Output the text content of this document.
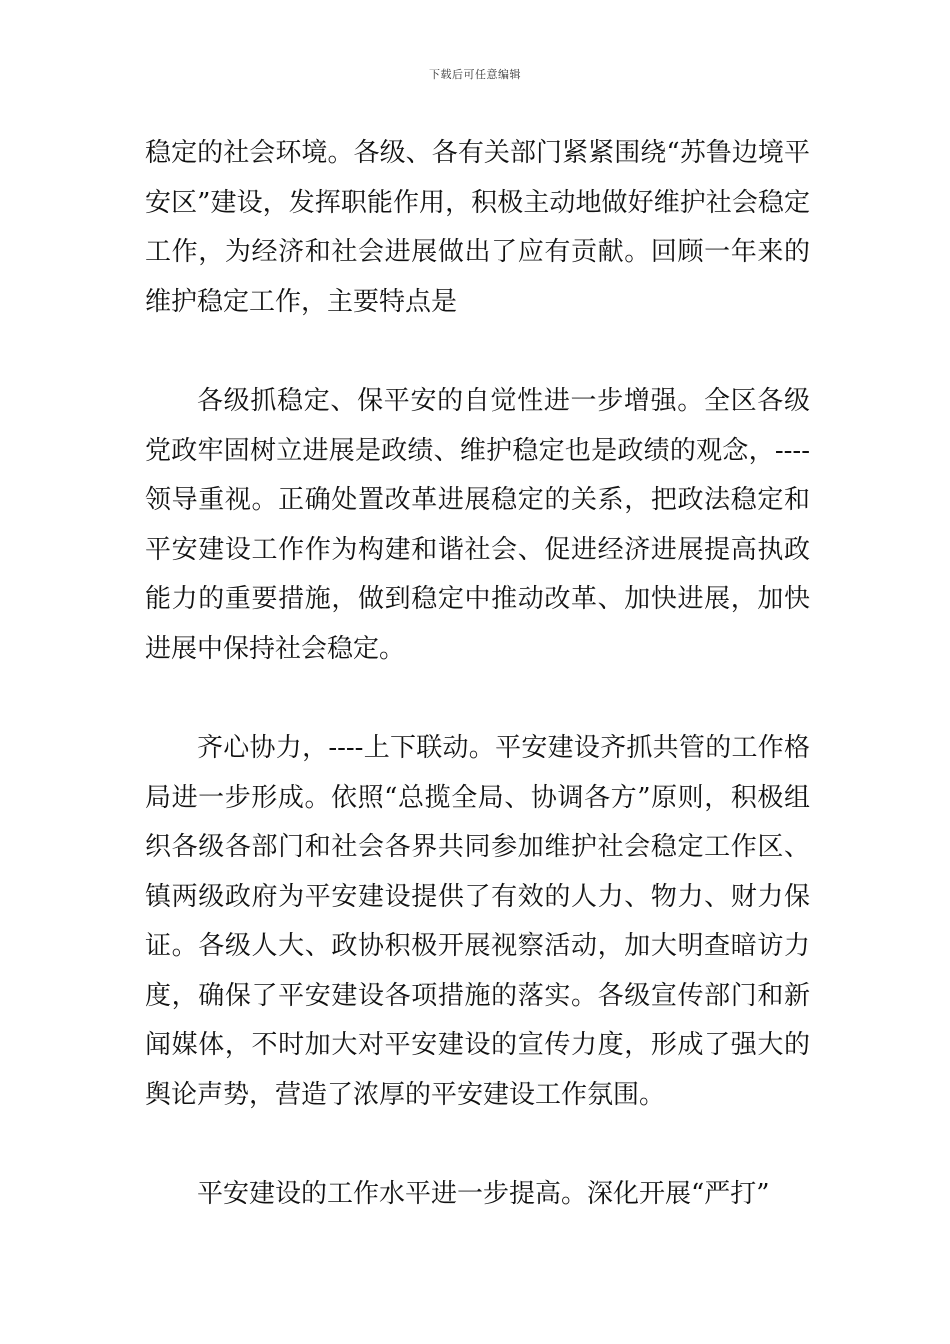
下载后可任意编辑

稳定的社会环境。各级、各有关部门紧紧围绕“苏鲁边境平安区”建设，发挥职能作用，积极主动地做好维护社会稳定工作，为经济和社会进展做出了应有贡献。回顾一年来的维护稳定工作，主要特点是

各级抓稳定、保平安的自觉性进一步增强。全区各级党政牢固树立进展是政绩、维护稳定也是政绩的观念，----领导重视。正确处置改革进展稳定的关系，把政法稳定和平安建设工作作为构建和谐社会、促进经济进展提高执政能力的重要措施，做到稳定中推动改革、加快进展，加快进展中保持社会稳定。

齐心协力，----上下联动。平安建设齐抓共管的工作格局进一步形成。依照“总揽全局、协调各方”原则，积极组织各级各部门和社会各界共同参加维护社会稳定工作区、镇两级政府为平安建设提供了有效的人力、物力、财力保证。各级人大、政协积极开展视察活动，加大明查暗访力度，确保了平安建设各项措施的落实。各级宣传部门和新闻媒体，不时加大对平安建设的宣传力度，形成了强大的舆论声势，营造了浓厚的平安建设工作氛围。

平安建设的工作水平进一步提高。深化开展“严打”
